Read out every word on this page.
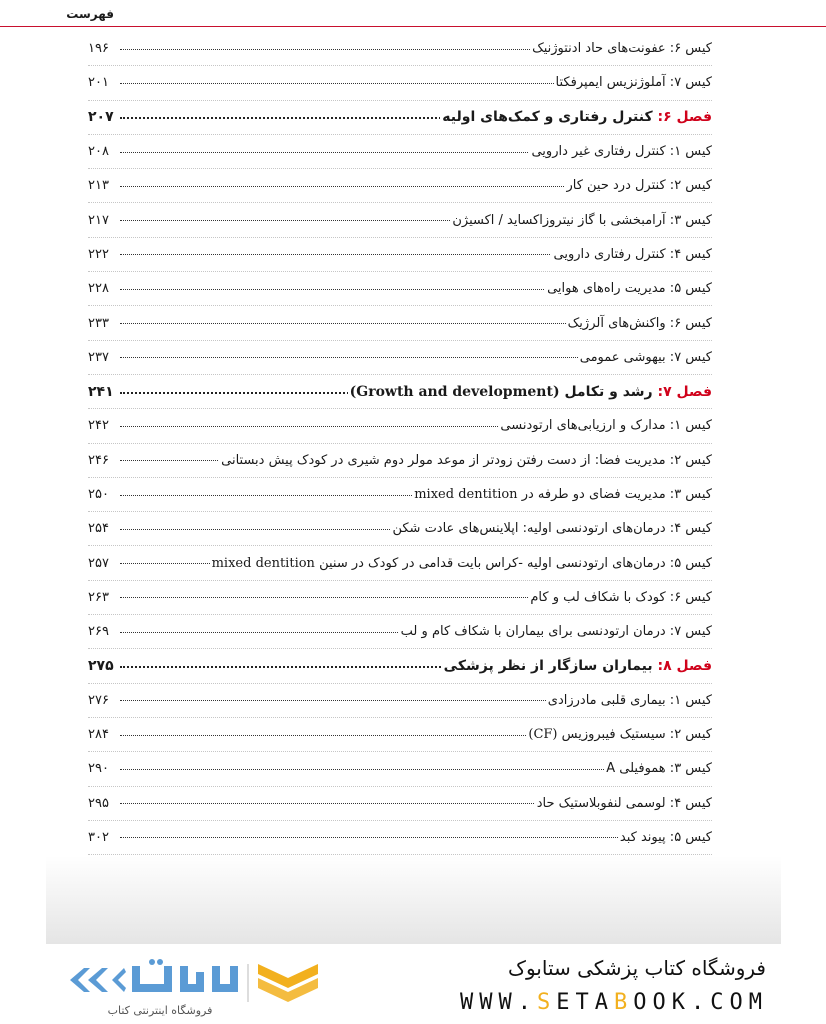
فهرست
کیس ۶: عفونت‌های حاد ادنتوژنیک
۱۹۶
کیس ۷: آملوژنزیس ایمپرفکتا
۲۰۱
فصل ۶: کنترل رفتاری و کمک‌های اولیه
۲۰۷
کیس ۱: کنترل رفتاری غیر دارویی
۲۰۸
کیس ۲: کنترل درد حین کار
۲۱۳
کیس ۳: آرامبخشی با گاز نیتروزاکساید / اکسیژن
۲۱۷
کیس ۴: کنترل رفتاری دارویی
۲۲۲
کیس ۵: مدیریت راه‌های هوایی
۲۲۸
کیس ۶: واکنش‌های آلرژیک
۲۳۳
کیس ۷: بیهوشی عمومی
۲۳۷
فصل ۷: رشد و تکامل (Growth and development)
۲۴۱
کیس ۱: مدارک و ارزیابی‌های ارتودنسی
۲۴۲
کیس ۲: مدیریت فضا: از دست رفتن زودتر از موعد مولر دوم شیری در کودک پیش دبستانی
۲۴۶
کیس ۳: مدیریت فضای دو طرفه در mixed dentition
۲۵۰
کیس ۴: درمان‌های ارتودنسی اولیه: اپلاینس‌های عادت شکن
۲۵۴
کیس ۵: درمان‌های ارتودنسی اولیه -کراس بایت قدامی در کودک در سنین mixed dentition
۲۵۷
کیس ۶: کودک با شکاف لب و کام
۲۶۳
کیس ۷: درمان ارتودنسی برای بیماران با شکاف کام و لب
۲۶۹
فصل ۸: بیماران سازگار از نظر پزشکی
۲۷۵
کیس ۱: بیماری قلبی مادرزادی
۲۷۶
کیس ۲: سیستیک فیبروزیس (CF)
۲۸۴
کیس ۳: هموفیلی A
۲۹۰
کیس ۴: لوسمی لنفوبلاستیک حاد
۲۹۵
کیس ۵: پیوند کبد
۳۰۲
فروشگاه اینترنتی کتاب
فروشگاه کتاب پزشکی ستابوک
WWW.SETABOOK.COM
